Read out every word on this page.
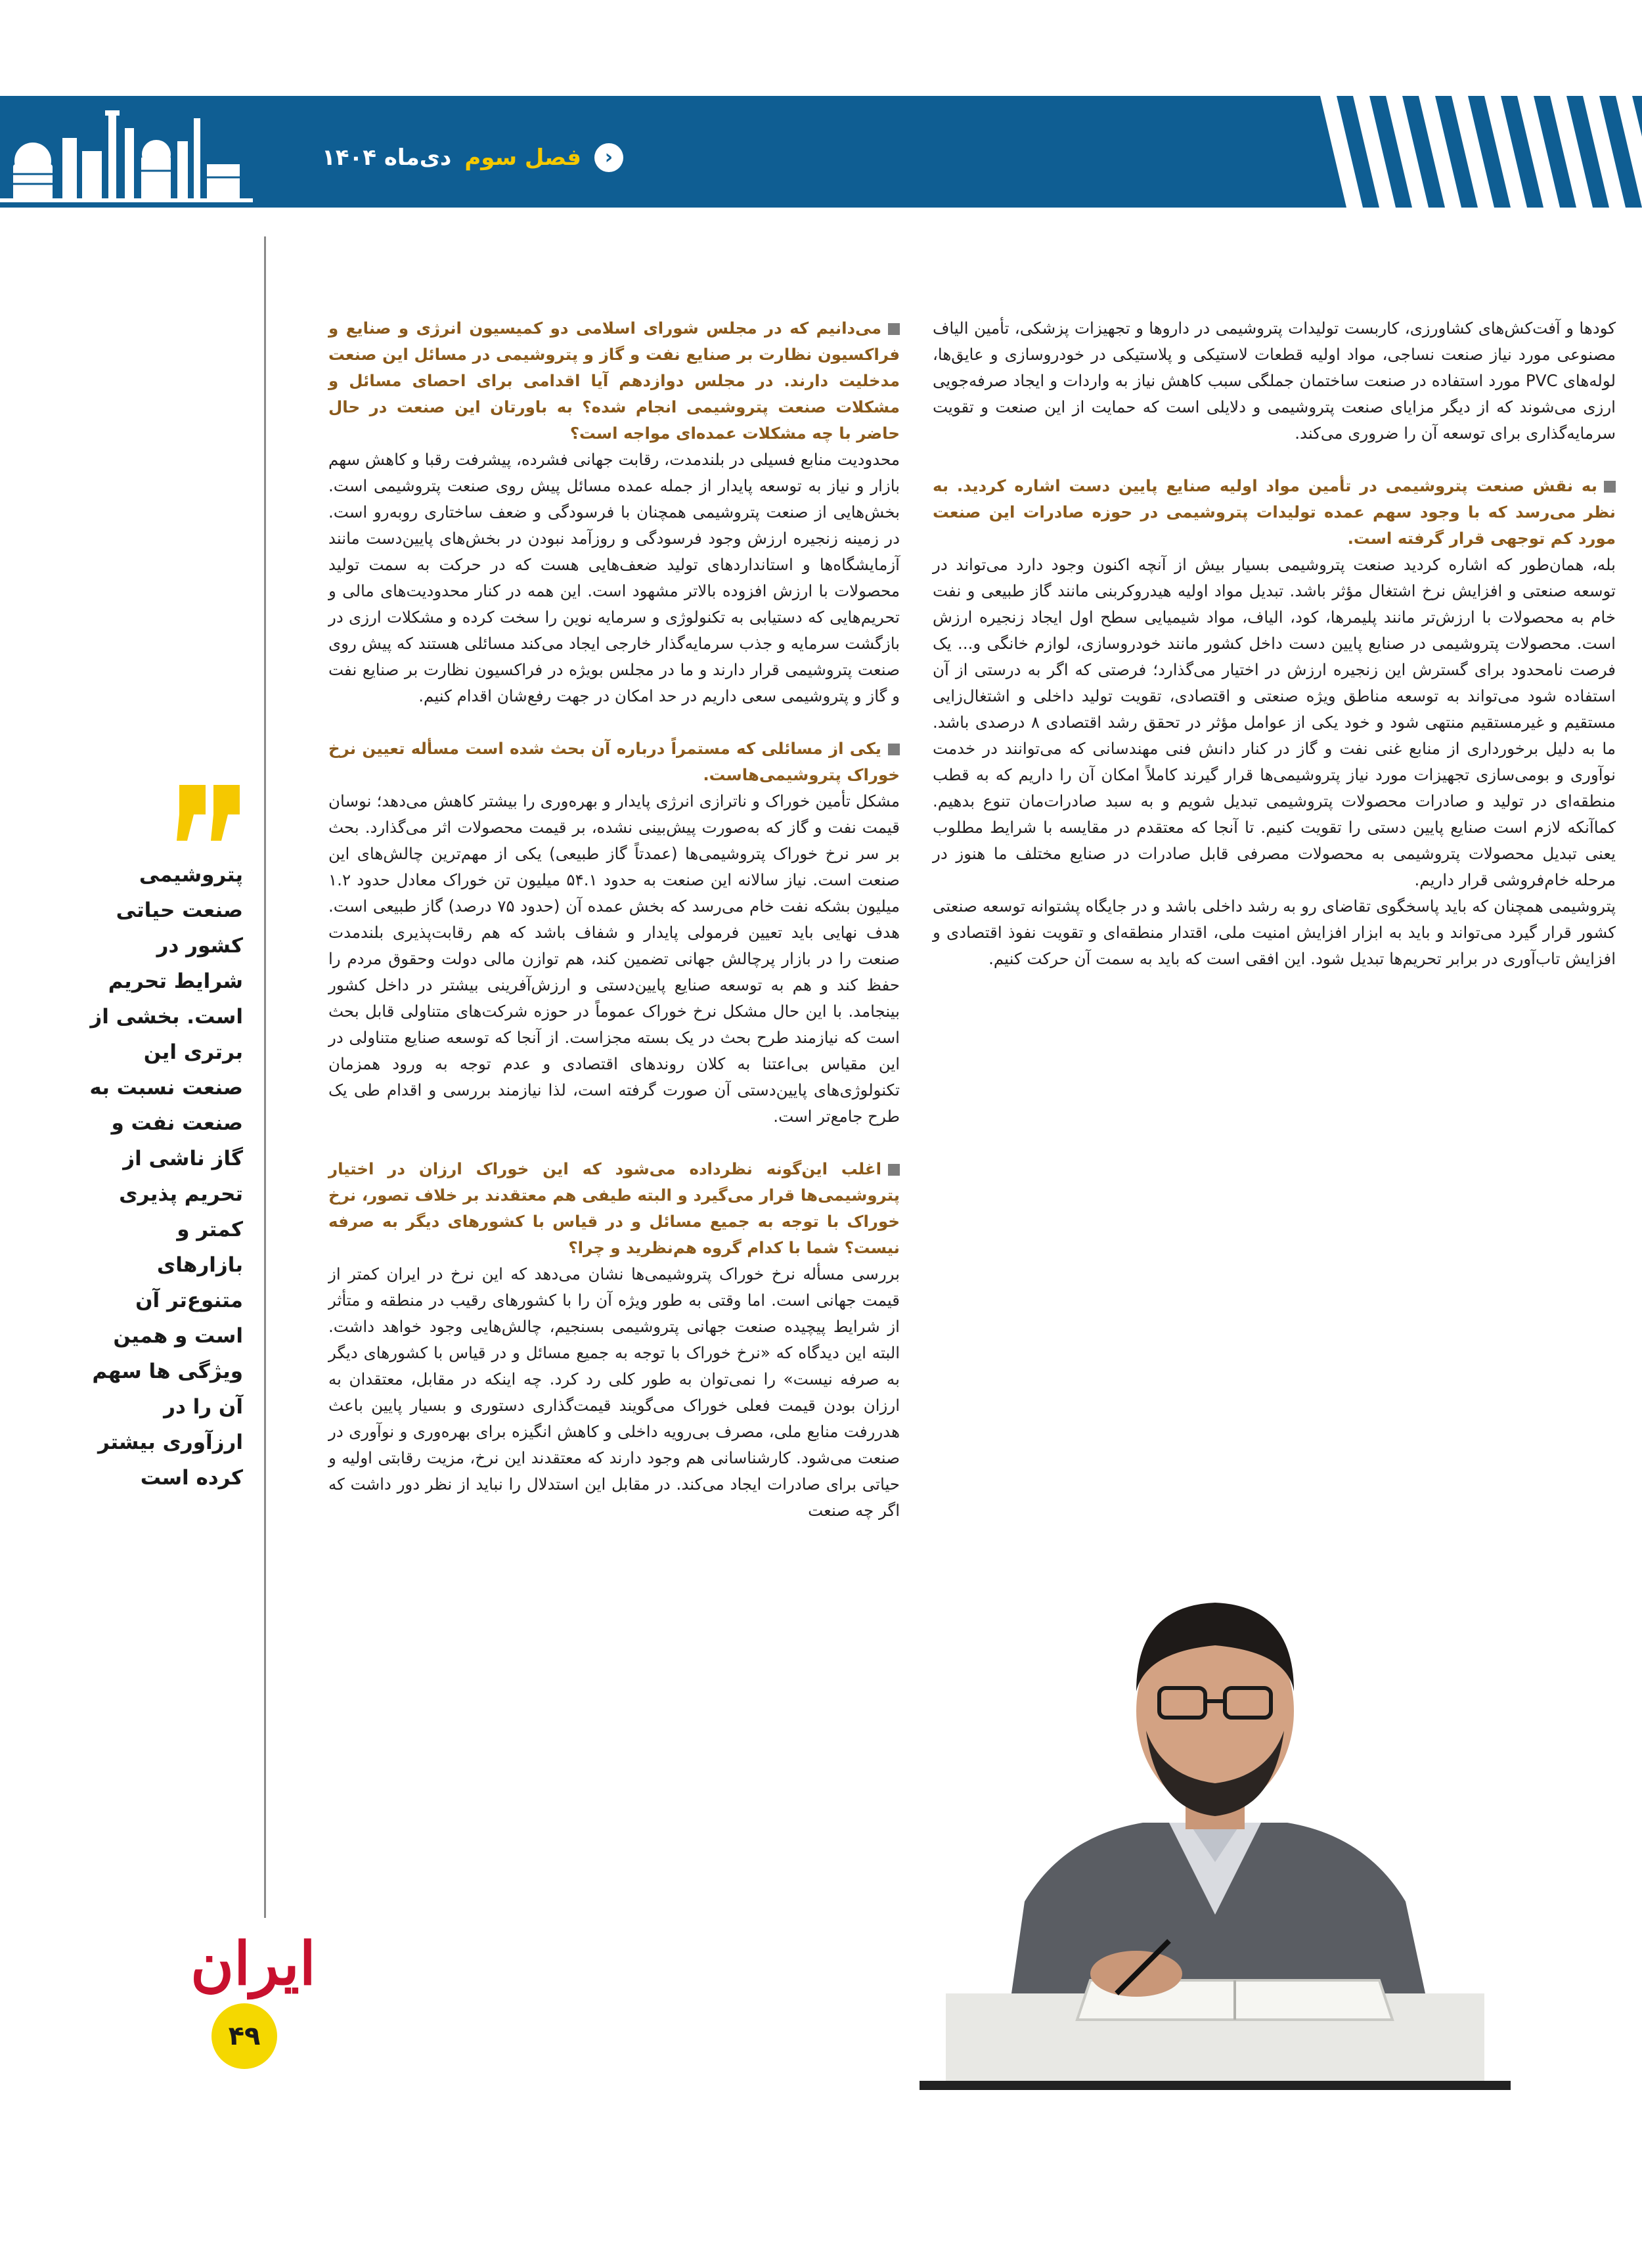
‹
فصل سوم
دی‌ماه ۱۴۰۴

کودها و آفت‌کش‌های کشاورزی، کاربست تولیدات پتروشیمی در داروها و تجهیزات پزشکی، تأمین الیاف مصنوعی مورد نیاز صنعت نساجی، مواد اولیه قطعات لاستیکی و پلاستیکی در خودروسازی و عایق‌ها، لوله‌های PVC مورد استفاده در صنعت ساختمان جملگی سبب کاهش نیاز به واردات و ایجاد صرفه‌جویی ارزی می‌شوند که از دیگر مزایای صنعت پتروشیمی و دلایلی است که حمایت از این صنعت و تقویت سرمایه‌گذاری برای توسعه آن را ضروری می‌کند.

به نقش صنعت پتروشیمی در تأمین مواد اولیه صنایع پایین دست اشاره کردید. به نظر می‌رسد که با وجود سهم عمده تولیدات پتروشیمی در حوزه صادرات این صنعت مورد کم توجهی قرار گرفته است.

بله، همان‌طور که اشاره کردید صنعت پتروشیمی بسیار بیش از آنچه اکنون وجود دارد می‌تواند در توسعه صنعتی و افزایش نرخ اشتغال مؤثر باشد. تبدیل مواد اولیه هیدروکربنی مانند گاز طبیعی و نفت خام به محصولات با ارزش‌تر مانند پلیمرها، کود، الیاف، مواد شیمیایی سطح اول ایجاد زنجیره ارزش است. محصولات پتروشیمی در صنایع پایین دست داخل کشور مانند خودروسازی، لوازم خانگی و... یک فرصت نامحدود برای گسترش این زنجیره ارزش در اختیار می‌گذارد؛ فرصتی که اگر به درستی از آن استفاده شود می‌تواند به توسعه مناطق ویژه صنعتی و اقتصادی، تقویت تولید داخلی و اشتغال‌زایی مستقیم و غیرمستقیم منتهی شود و خود یکی از عوامل مؤثر در تحقق رشد اقتصادی ۸ درصدی باشد. ما به دلیل برخورداری از منابع غنی نفت و گاز در کنار دانش فنی مهندسانی که می‌توانند در خدمت نوآوری و بومی‌سازی تجهیزات مورد نیاز پتروشیمی‌ها قرار گیرند کاملاً امکان آن را داریم که به قطب منطقه‌ای در تولید و صادرات محصولات پتروشیمی تبدیل شویم و به سبد صادرات‌مان تنوع بدهیم. کماآنکه لازم است صنایع پایین دستی را تقویت کنیم. تا آنجا که معتقدم در مقایسه با شرایط مطلوب یعنی تبدیل محصولات پتروشیمی به محصولات مصرفی قابل صادرات در صنایع مختلف ما هنوز در مرحله خام‌فروشی قرار داریم.

پتروشیمی همچنان که باید پاسخگوی تقاضای رو به رشد داخلی باشد و در جایگاه پشتوانه توسعه صنعتی کشور قرار گیرد می‌تواند و باید به ابزار افزایش امنیت ملی، اقتدار منطقه‌ای و تقویت نفوذ اقتصادی و افزایش تاب‌آوری در برابر تحریم‌ها تبدیل شود. این افقی است که باید به سمت آن حرکت کنیم.

می‌دانیم که در مجلس شورای اسلامی دو کمیسیون انرژی و صنایع و فراکسیون نظارت بر صنایع نفت و گاز و پتروشیمی در مسائل این صنعت مدخلیت دارند. در مجلس دوازدهم آیا اقدامی برای احصای مسائل و مشکلات صنعت پتروشیمی انجام شده؟ به باورتان این صنعت در حال حاضر با چه مشکلات عمده‌ای مواجه است؟

محدودیت منابع فسیلی در بلندمدت، رقابت جهانی فشرده، پیشرفت رقبا و کاهش سهم بازار و نیاز به توسعه پایدار از جمله عمده مسائل پیش روی صنعت پتروشیمی است. بخش‌هایی از صنعت پتروشیمی همچنان با فرسودگی و ضعف ساختاری روبه‌رو است. در زمینه زنجیره ارزش وجود فرسودگی و روزآمد نبودن در بخش‌های پایین‌دست مانند آزمایشگاه‌ها و استانداردهای تولید ضعف‌هایی هست که در حرکت به سمت تولید محصولات با ارزش افزوده بالاتر مشهود است. این همه در کنار محدودیت‌های مالی و تحریم‌هایی که دستیابی به تکنولوژی و سرمایه نوین را سخت کرده و مشکلات ارزی در بازگشت سرمایه و جذب سرمایه‌گذار خارجی ایجاد می‌کند مسائلی هستند که پیش روی صنعت پتروشیمی قرار دارند و ما در مجلس بویژه در فراکسیون نظارت بر صنایع نفت و گاز و پتروشیمی سعی داریم در حد امکان در جهت رفع‌شان اقدام کنیم.

یکی از مسائلی که مستمراً درباره آن بحث شده است مسأله تعیین نرخ خوراک پتروشیمی‌هاست.

مشکل تأمین خوراک و ناترازی انرژی پایدار و بهره‌وری را بیشتر کاهش می‌دهد؛ نوسان قیمت نفت و گاز که به‌صورت پیش‌بینی نشده، بر قیمت محصولات اثر می‌گذارد. بحث بر سر نرخ خوراک پتروشیمی‌ها (عمدتاً گاز طبیعی) یکی از مهم‌ترین چالش‌های این صنعت است. نیاز سالانه این صنعت به حدود ۵۴.۱ میلیون تن خوراک معادل حدود ۱.۲ میلیون بشکه نفت خام می‌رسد که بخش عمده آن (حدود ۷۵ درصد) گاز طبیعی است. هدف نهایی باید تعیین فرمولی پایدار و شفاف باشد که هم رقابت‌پذیری بلندمدت صنعت را در بازار پرچالش جهانی تضمین کند، هم توازن مالی دولت وحقوق مردم را حفظ کند و هم به توسعه صنایع پایین‌دستی و ارزش‌آفرینی بیشتر در داخل کشور بینجامد. با این حال مشکل نرخ خوراک عموماً در حوزه شرکت‌های متناولی قابل بحث است که نیازمند طرح بحث در یک بسته مجزاست. از آنجا که توسعه صنایع متناولی در این مقیاس بی‌اعتنا به کلان روندهای اقتصادی و عدم توجه به ورود همزمان تکنولوژی‌های پایین‌دستی آن صورت گرفته است، لذا نیازمند بررسی و اقدام طی یک طرح جامع‌تر است.

اغلب این‌گونه نظرداده می‌شود که این خوراک ارزان در اختیار پتروشیمی‌ها قرار می‌گیرد و البته طیفی هم معتقدند بر خلاف تصور، نرخ خوراک با توجه به جمیع مسائل و در قیاس با کشورهای دیگر به صرفه نیست؟ شما با کدام گروه هم‌نظرید و چرا؟

بررسی مسأله نرخ خوراک پتروشیمی‌ها نشان می‌دهد که این نرخ در ایران کمتر از قیمت جهانی است. اما وقتی به طور ویژه آن را با کشورهای رقیب در منطقه و متأثر از شرایط پیچیده صنعت جهانی پتروشیمی بسنجیم، چالش‌هایی وجود خواهد داشت. البته این دیدگاه که «نرخ خوراک با توجه به جمیع مسائل و در قیاس با کشورهای دیگر به صرفه نیست» را نمی‌توان به طور کلی رد کرد. چه اینکه در مقابل، معتقدان به ارزان بودن قیمت فعلی خوراک می‌گویند قیمت‌گذاری دستوری و بسیار پایین باعث هدررفت منابع ملی، مصرف بی‌رویه داخلی و کاهش انگیزه برای بهره‌وری و نوآوری در صنعت می‌شود. کارشناسانی هم وجود دارند که معتقدند این نرخ، مزیت رقابتی اولیه و حیاتی برای صادرات ایجاد می‌کند. در مقابل این استدلال را نباید از نظر دور داشت که اگر چه صنعت

پتروشیمی صنعت حیاتی کشور در شرایط تحریم است. بخشی از برتری این صنعت نسبت به صنعت نفت و گاز ناشی از تحریم پذیری کمتر و بازارهای متنوع‌تر آن است و همین ویژگی ها سهم آن را در ارزآوری بیشتر کرده است
ایران
۴۹
